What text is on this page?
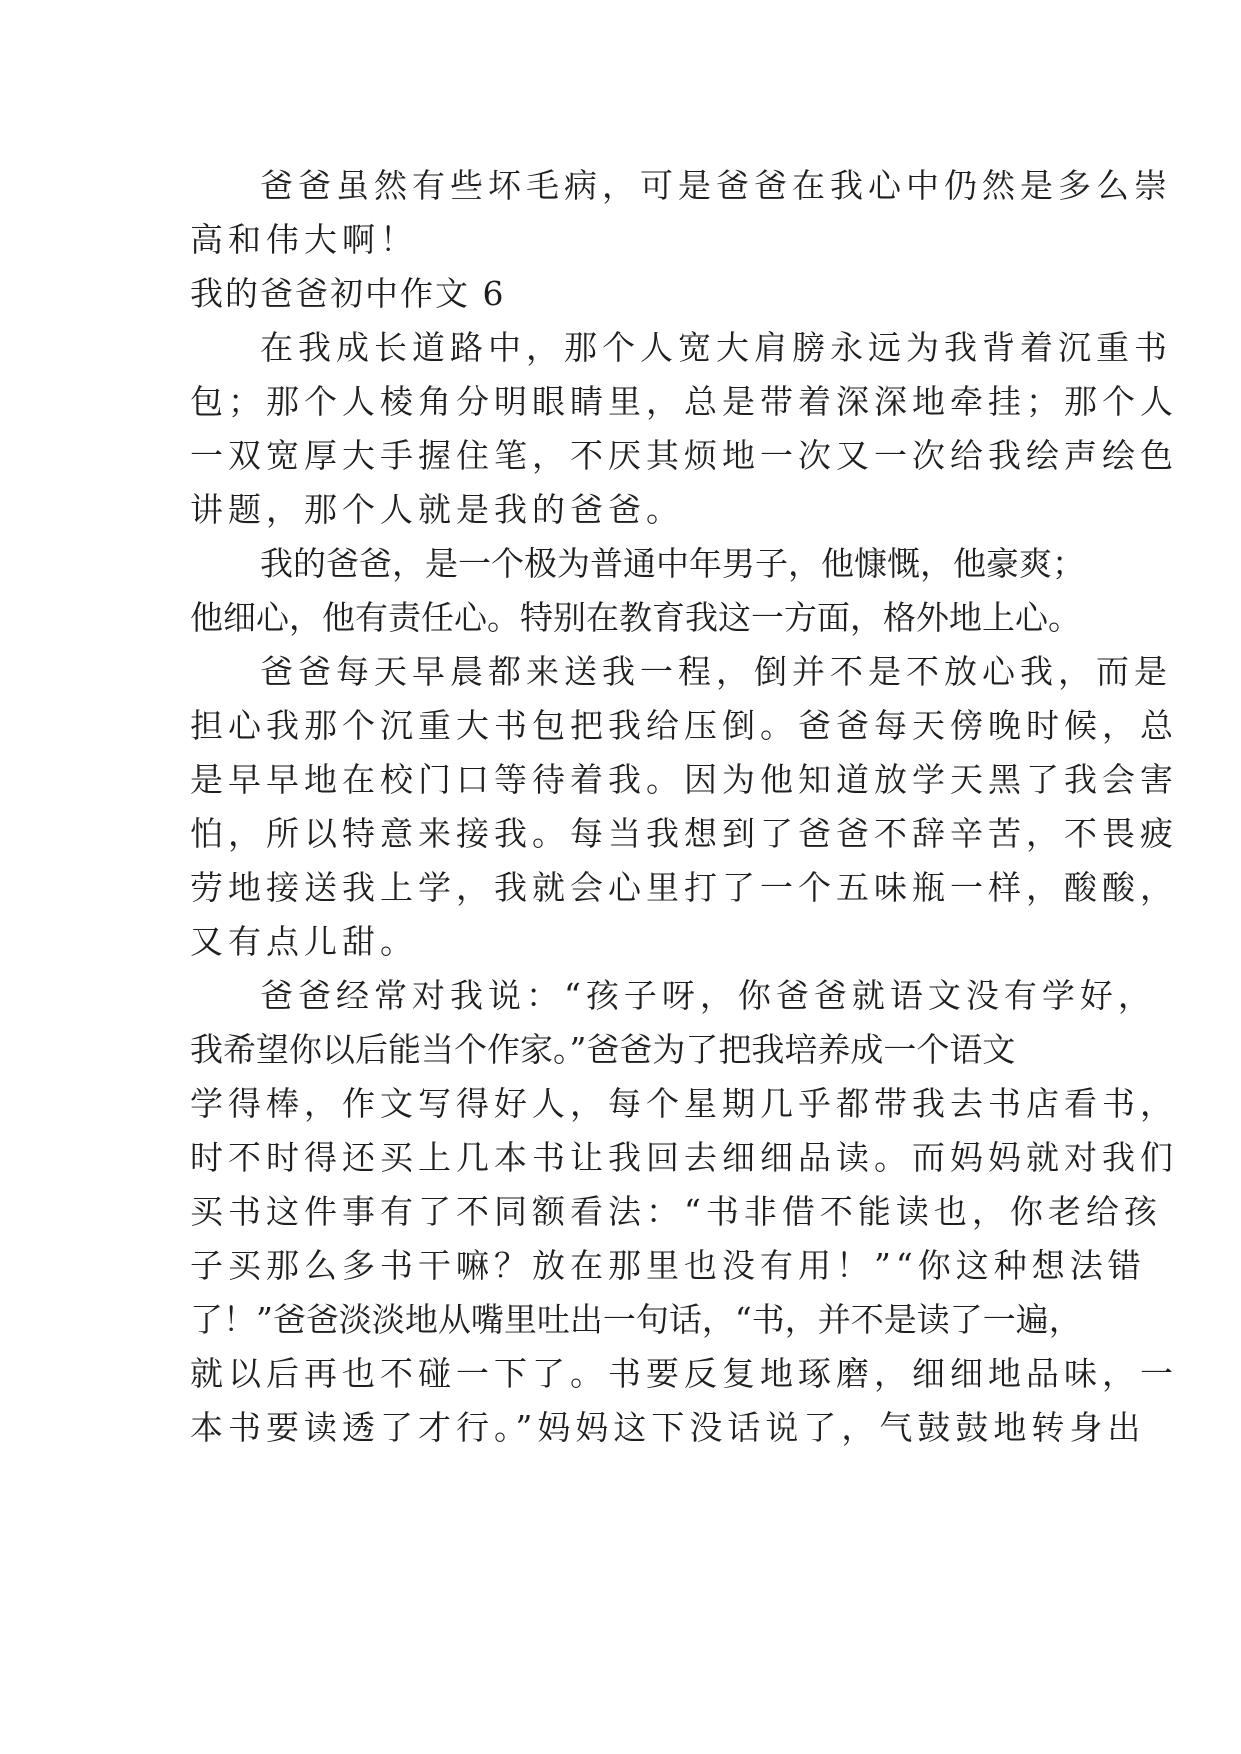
爸爸虽然有些坏毛病，可是爸爸在我心中仍然是多么崇
高和伟大啊！
我的爸爸初中作文 6
在我成长道路中，那个人宽大肩膀永远为我背着沉重书
包；那个人棱角分明眼睛里，总是带着深深地牵挂；那个人
一双宽厚大手握住笔，不厌其烦地一次又一次给我绘声绘色
讲题，那个人就是我的爸爸。
我的爸爸，是一个极为普通中年男子，他慷慨，他豪爽；
他细心，他有责任心。特别在教育我这一方面，格外地上心。
爸爸每天早晨都来送我一程，倒并不是不放心我，而是
担心我那个沉重大书包把我给压倒。爸爸每天傍晚时候，总
是早早地在校门口等待着我。因为他知道放学天黑了我会害
怕，所以特意来接我。每当我想到了爸爸不辞辛苦，不畏疲
劳地接送我上学，我就会心里打了一个五味瓶一样，酸酸，
又有点儿甜。
爸爸经常对我说：“孩子呀，你爸爸就语文没有学好，
我希望你以后能当个作家。”爸爸为了把我培养成一个语文
学得棒，作文写得好人，每个星期几乎都带我去书店看书，
时不时得还买上几本书让我回去细细品读。而妈妈就对我们
买书这件事有了不同额看法：“书非借不能读也，你老给孩
子买那么多书干嘛？放在那里也没有用！”“你这种想法错
了！”爸爸淡淡地从嘴里吐出一句话，“书，并不是读了一遍，
就以后再也不碰一下了。书要反复地琢磨，细细地品味，一
本书要读透了才行。”妈妈这下没话说了，气鼓鼓地转身出
